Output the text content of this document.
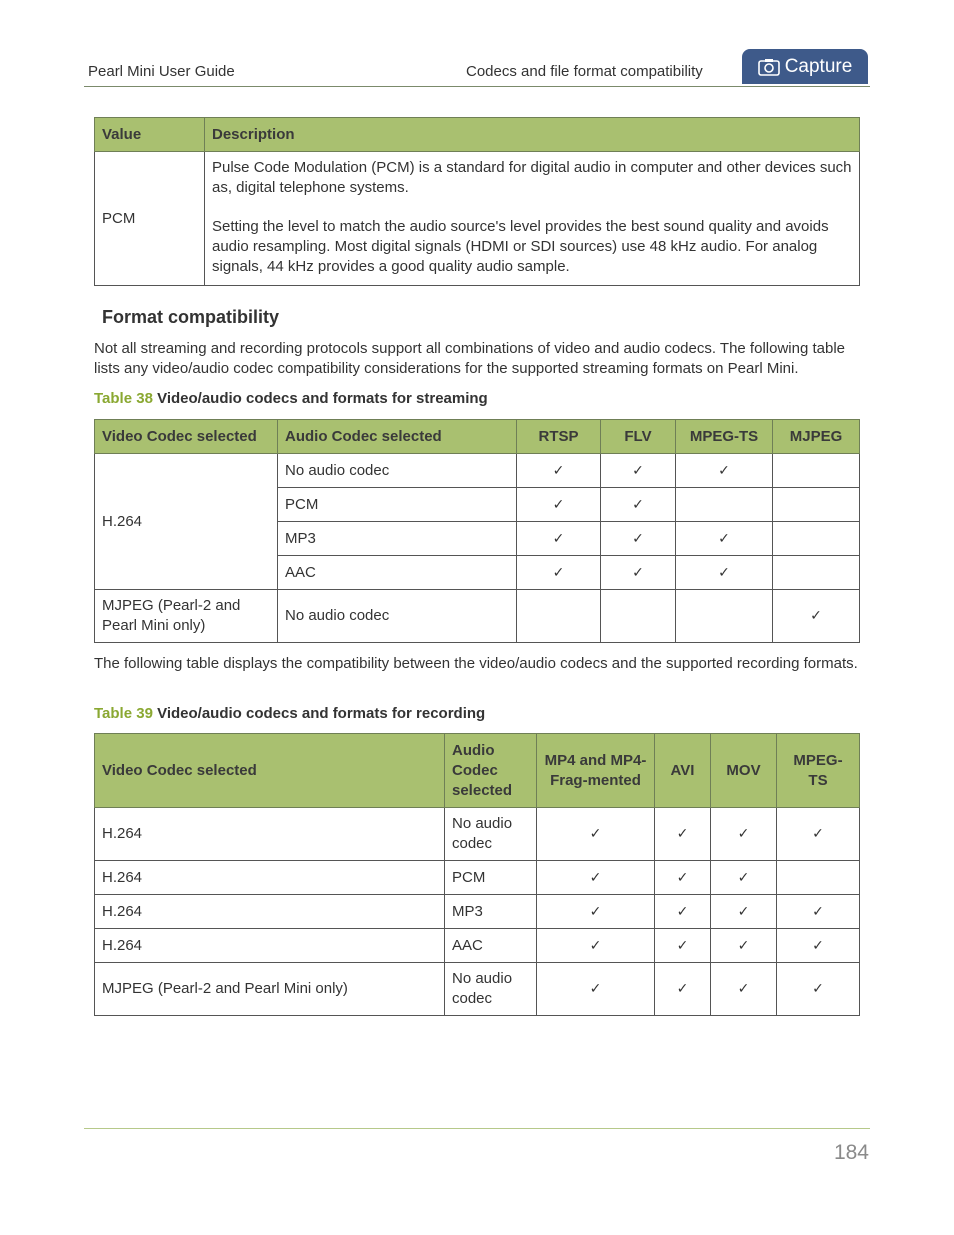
Pearl Mini User Guide	Codecs and file format compatibility	Capture
Value	Description
PCM	Pulse Code Modulation (PCM) is a standard for digital audio in computer and other devices such as, digital telephone systems.

Setting the level to match the audio source's level provides the best sound quality and avoids audio resampling. Most digital signals (HDMI or SDI sources) use 48 kHz audio. For analog signals, 44 kHz provides a good quality audio sample.

Format compatibility
Not all streaming and recording protocols support all combinations of video and audio codecs. The following table lists any video/audio codec compatibility considerations for the supported streaming formats on Pearl Mini.
Table 38 Video/audio codecs and formats for streaming
Video Codec selected	Audio Codec selected	RTSP	FLV	MPEG-TS	MJPEG
H.264	No audio codec	✓	✓	✓	
	PCM	✓	✓		
	MP3	✓	✓	✓	
	AAC	✓	✓	✓	
MJPEG (Pearl-2 and Pearl Mini only)	No audio codec				✓
The following table displays the compatibility between the video/audio codecs and the supported recording formats.
Table 39 Video/audio codecs and formats for recording
Video Codec selected	Audio Codec selected	MP4 and MP4-Frag-mented	AVI	MOV	MPEG-TS
H.264	No audio codec	✓	✓	✓	✓
H.264	PCM	✓	✓	✓	
H.264	MP3	✓	✓	✓	✓
H.264	AAC	✓	✓	✓	✓
MJPEG (Pearl-2 and Pearl Mini only)	No audio codec	✓	✓	✓	✓
184
